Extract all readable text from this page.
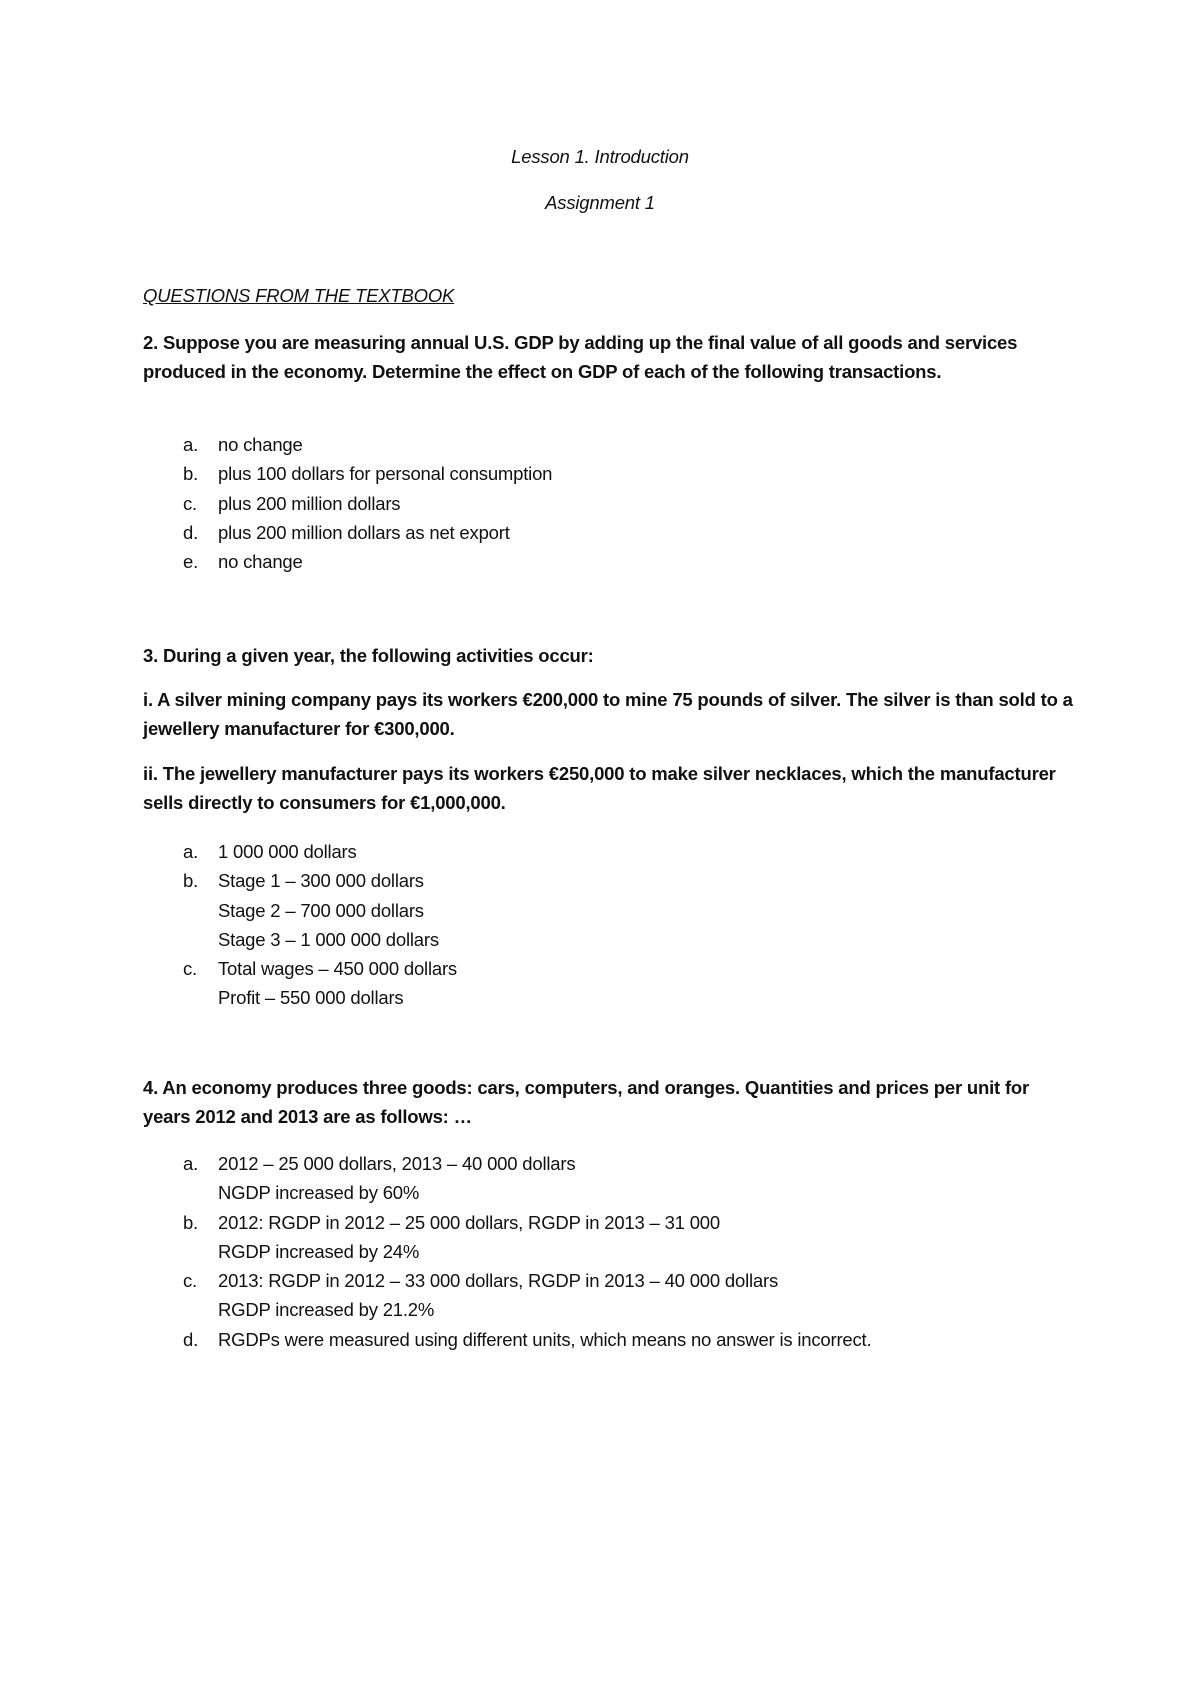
Lesson 1. Introduction

Assignment 1

QUESTIONS FROM THE TEXTBOOK

2. Suppose you are measuring annual U.S. GDP by adding up the final value of all goods and services produced in the economy. Determine the effect on GDP of each of the following transactions.

a. no change
b. plus 100 dollars for personal consumption
c. plus 200 million dollars
d. plus 200 million dollars as net export
e. no change

3. During a given year, the following activities occur:

i. A silver mining company pays its workers €200,000 to mine 75 pounds of silver. The silver is than sold to a jewellery manufacturer for €300,000.

ii. The jewellery manufacturer pays its workers €250,000 to make silver necklaces, which the manufacturer sells directly to consumers for €1,000,000.

a. 1 000 000 dollars
b. Stage 1 – 300 000 dollars
Stage 2 – 700 000 dollars
Stage 3 – 1 000 000 dollars
c. Total wages – 450 000 dollars
Profit – 550 000 dollars

4. An economy produces three goods: cars, computers, and oranges. Quantities and prices per unit for years 2012 and 2013 are as follows: …

a. 2012 – 25 000 dollars, 2013 – 40 000 dollars
NGDP increased by 60%
b. 2012: RGDP in 2012 – 25 000 dollars, RGDP in 2013 – 31 000
RGDP increased by 24%
c. 2013: RGDP in 2012 – 33 000 dollars, RGDP in 2013 – 40 000 dollars
RGDP increased by 21.2%
d. RGDPs were measured using different units, which means no answer is incorrect.
